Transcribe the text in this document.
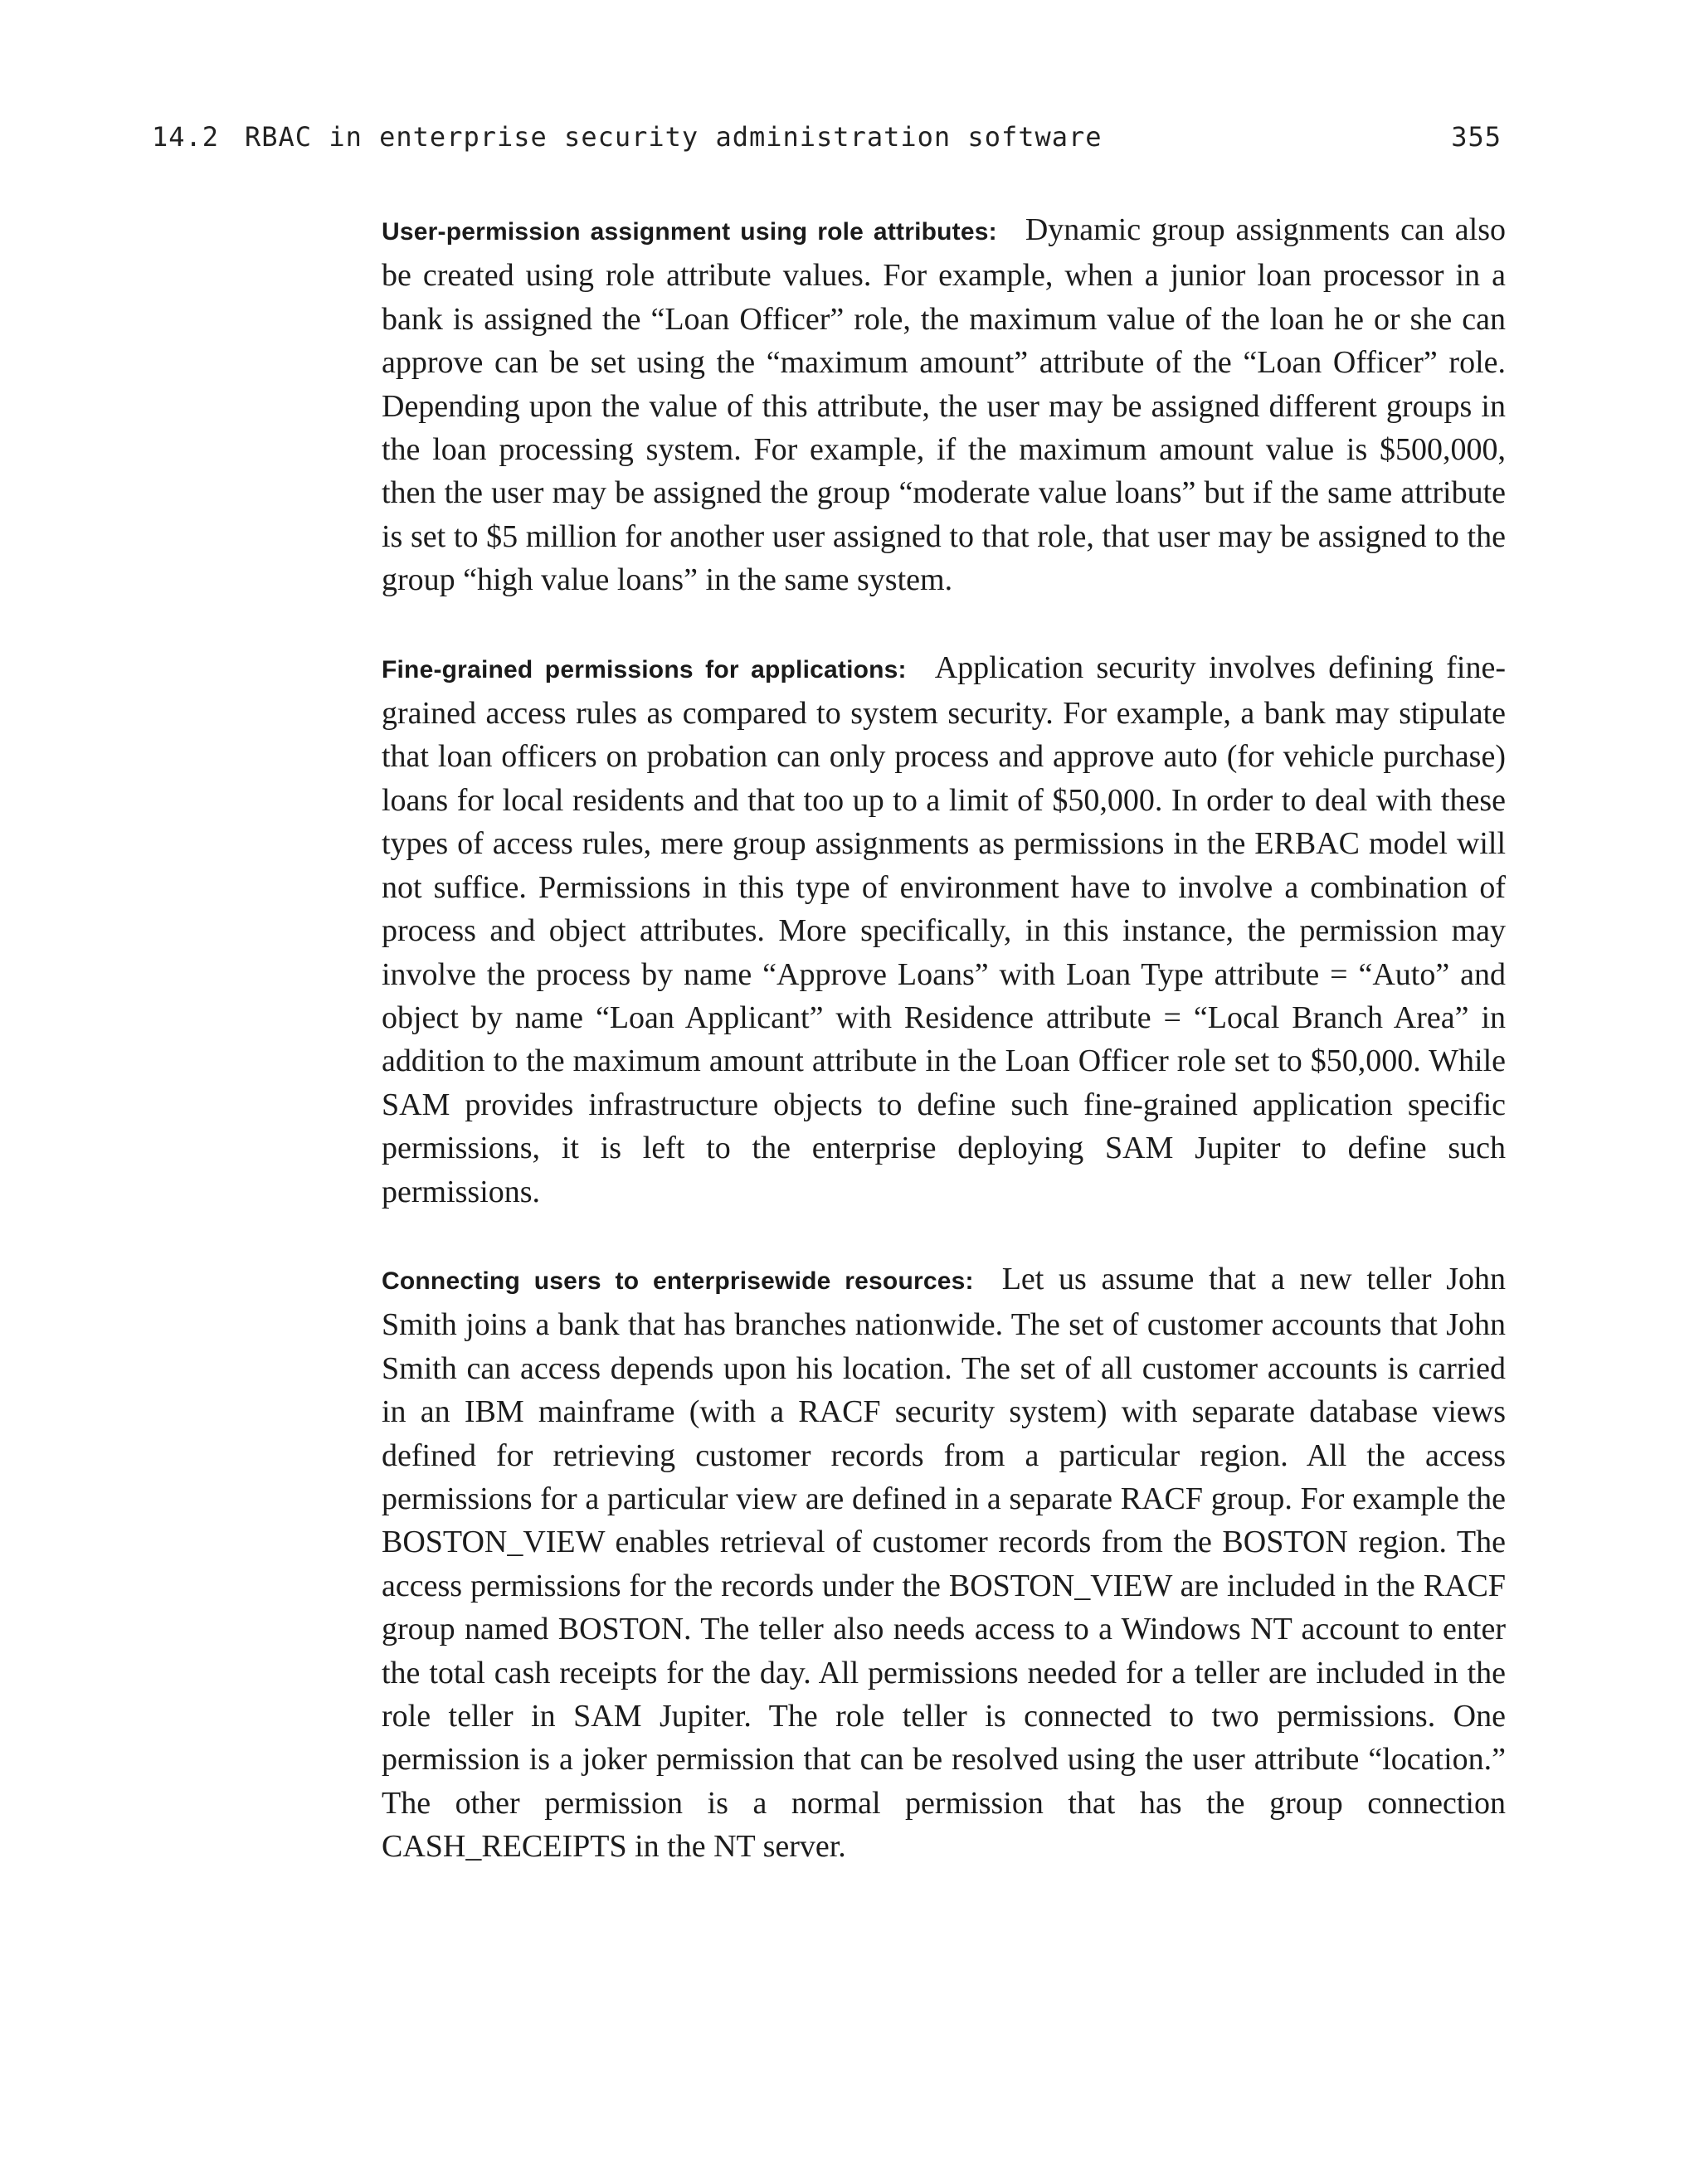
14.2 RBAC in enterprise security administration software	355

User-permission assignment using role attributes: Dynamic group assignments can also be created using role attribute values. For example, when a junior loan processor in a bank is assigned the “Loan Officer” role, the maximum value of the loan he or she can approve can be set using the “maximum amount” attribute of the “Loan Officer” role. Depending upon the value of this attribute, the user may be assigned different groups in the loan processing system. For example, if the maximum amount value is $500,000, then the user may be assigned the group “moderate value loans” but if the same attribute is set to $5 million for another user assigned to that role, that user may be assigned to the group “high value loans” in the same system.

Fine-grained permissions for applications: Application security involves defining fine-grained access rules as compared to system security. For example, a bank may stipulate that loan officers on probation can only process and approve auto (for vehicle purchase) loans for local residents and that too up to a limit of $50,000. In order to deal with these types of access rules, mere group assignments as permissions in the ERBAC model will not suffice. Permissions in this type of environment have to involve a combination of process and object attributes. More specifically, in this instance, the permission may involve the process by name “Approve Loans” with Loan Type attribute = “Auto” and object by name “Loan Applicant” with Residence attribute = “Local Branch Area” in addition to the maximum amount attribute in the Loan Officer role set to $50,000. While SAM provides infrastructure objects to define such fine-grained application specific permissions, it is left to the enterprise deploying SAM Jupiter to define such permissions.

Connecting users to enterprisewide resources: Let us assume that a new teller John Smith joins a bank that has branches nationwide. The set of customer accounts that John Smith can access depends upon his location. The set of all customer accounts is carried in an IBM mainframe (with a RACF security system) with separate database views defined for retrieving customer records from a particular region. All the access permissions for a particular view are defined in a separate RACF group. For example the BOSTON_VIEW enables retrieval of customer records from the BOSTON region. The access permissions for the records under the BOSTON_VIEW are included in the RACF group named BOSTON. The teller also needs access to a Windows NT account to enter the total cash receipts for the day. All permissions needed for a teller are included in the role teller in SAM Jupiter. The role teller is connected to two permissions. One permission is a joker permission that can be resolved using the user attribute “location.” The other permission is a normal permission that has the group connection CASH_RECEIPTS in the NT server.
